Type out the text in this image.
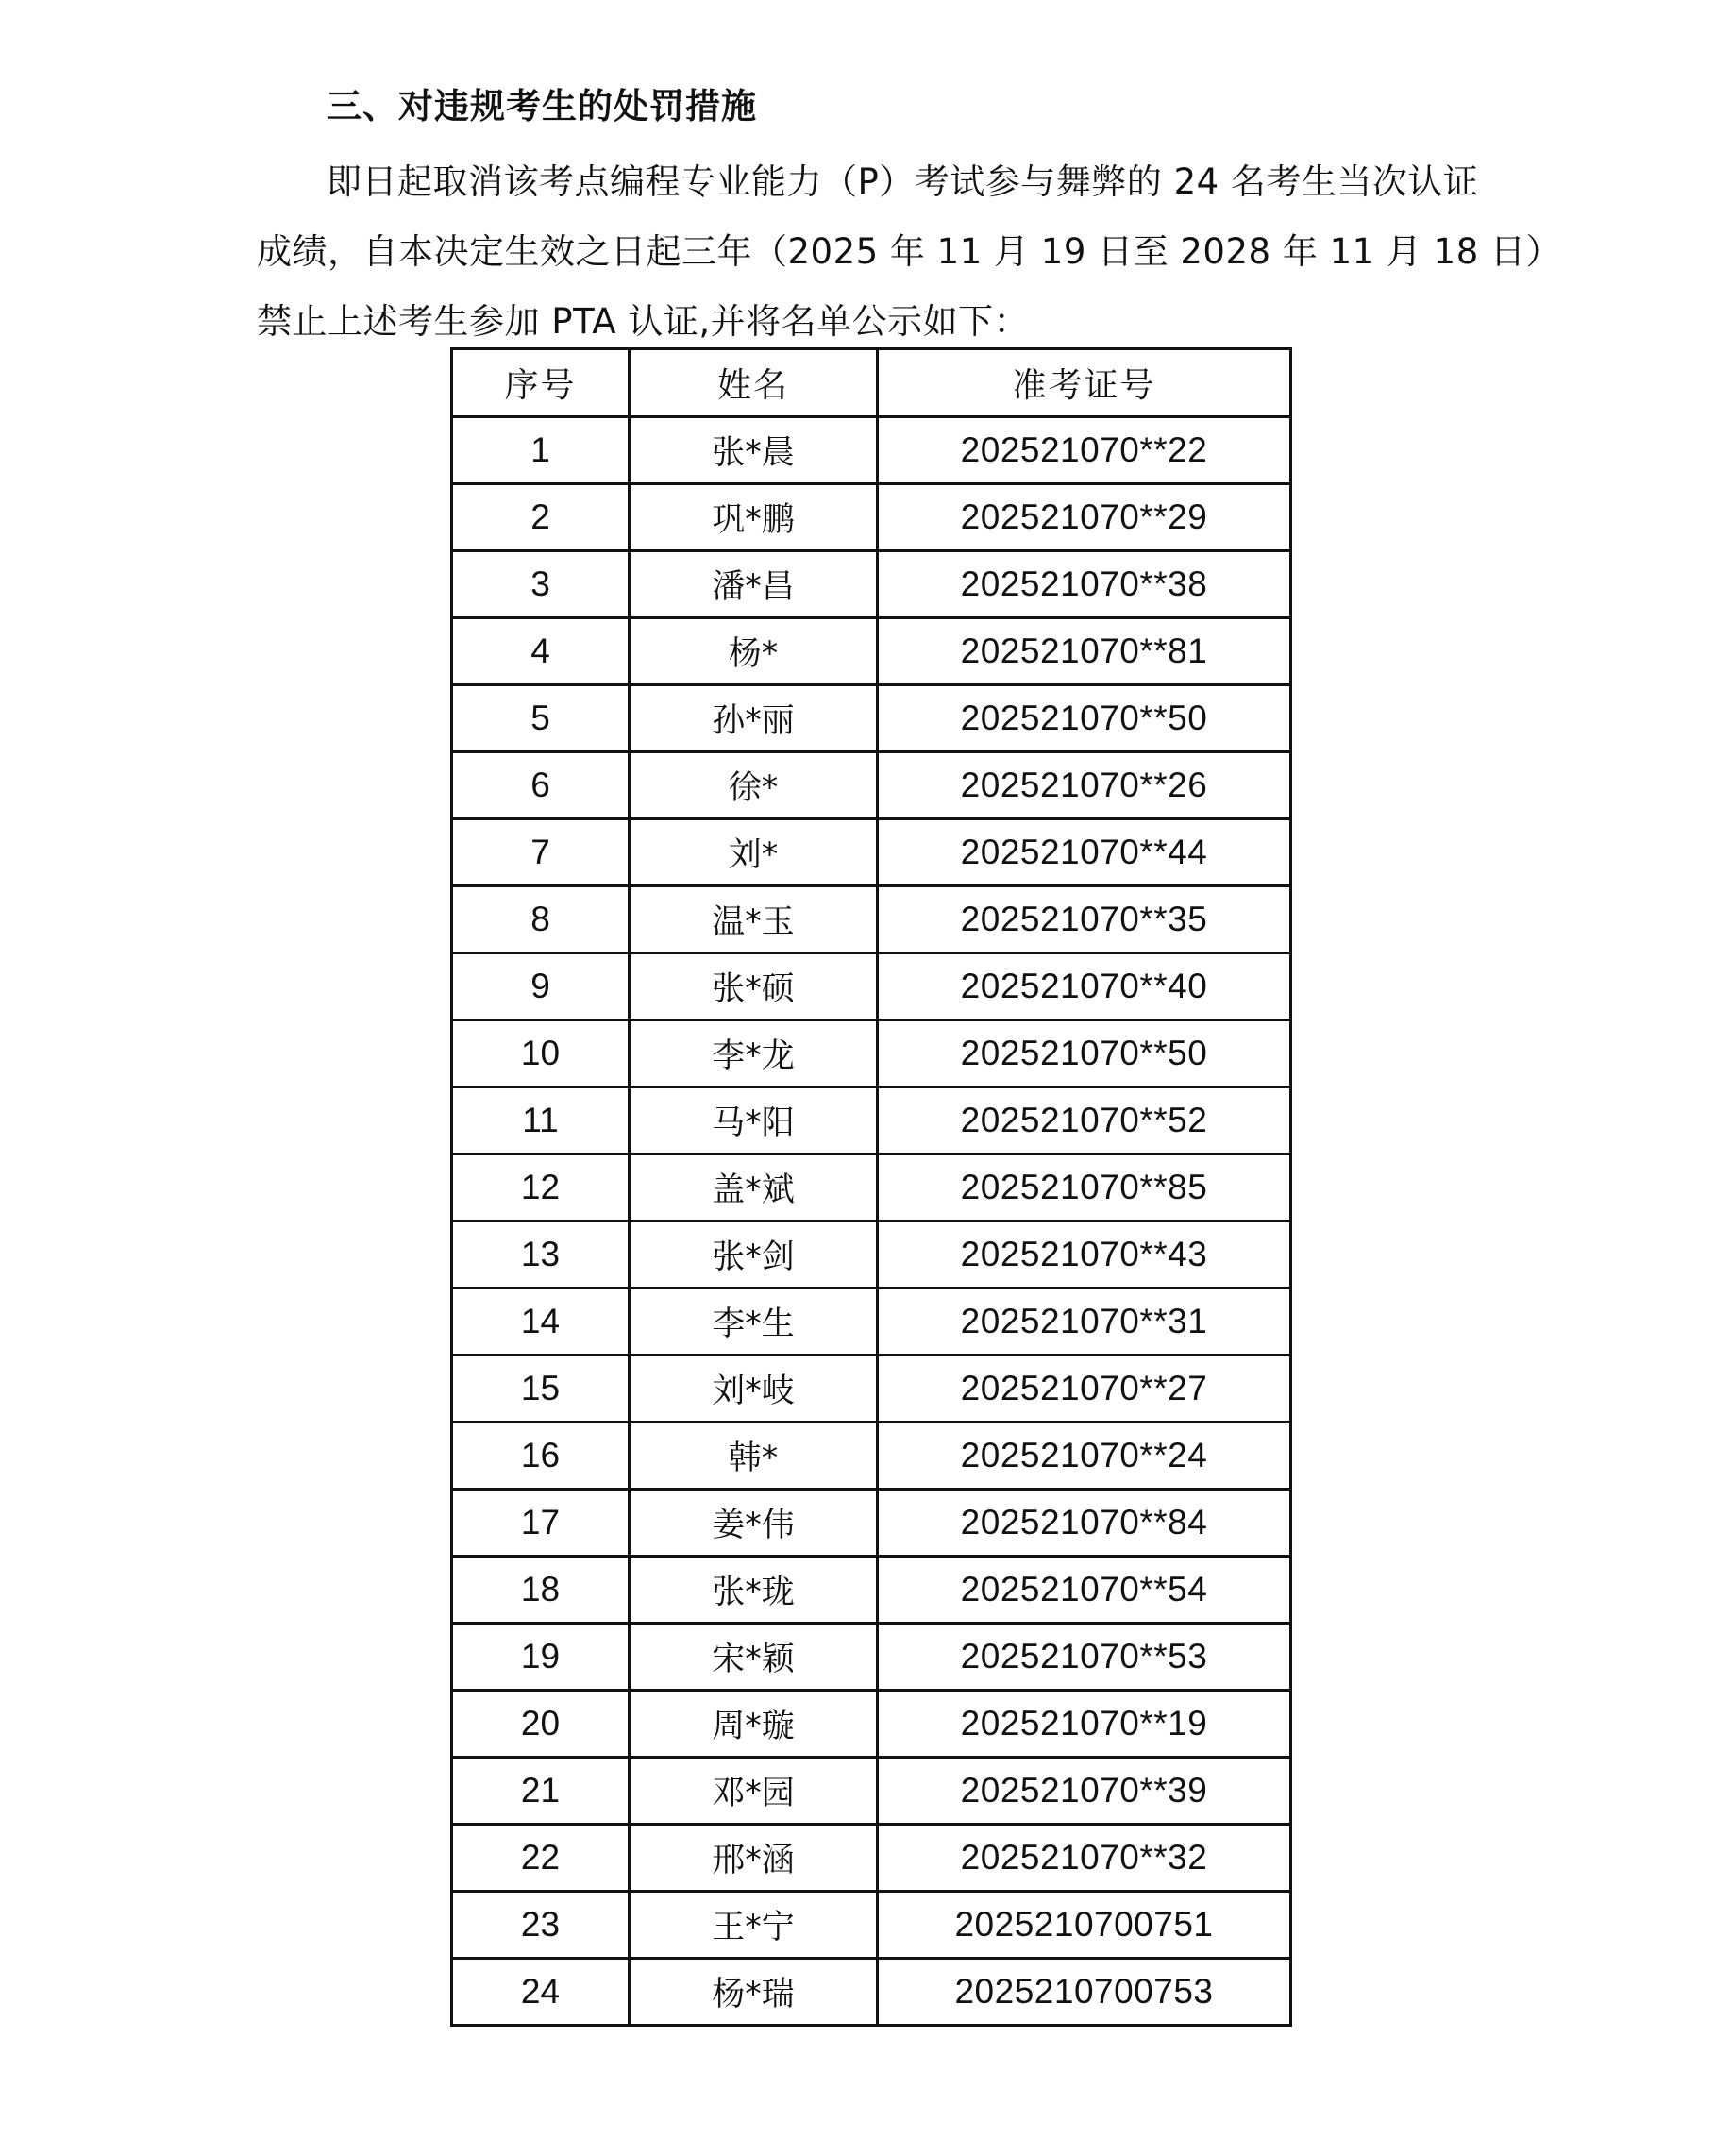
三、对违规考生的处罚措施
即日起取消该考点编程专业能力（P）考试参与舞弊的 24 名考生当次认证
成绩，自本决定生效之日起三年（2025 年 11 月 19 日至 2028 年 11 月 18 日）
禁止上述考生参加 PTA 认证,并将名单公示如下：
序号	姓名	准考证号
1	张*晨	202521070**22
2	巩*鹏	202521070**29
3	潘*昌	202521070**38
4	杨*	202521070**81
5	孙*丽	202521070**50
6	徐*	202521070**26
7	刘*	202521070**44
8	温*玉	202521070**35
9	张*硕	202521070**40
10	李*龙	202521070**50
11	马*阳	202521070**52
12	盖*斌	202521070**85
13	张*剑	202521070**43
14	李*生	202521070**31
15	刘*岐	202521070**27
16	韩*	202521070**24
17	姜*伟	202521070**84
18	张*珑	202521070**54
19	宋*颖	202521070**53
20	周*璇	202521070**19
21	邓*园	202521070**39
22	邢*涵	202521070**32
23	王*宁	2025210700751
24	杨*瑞	2025210700753
